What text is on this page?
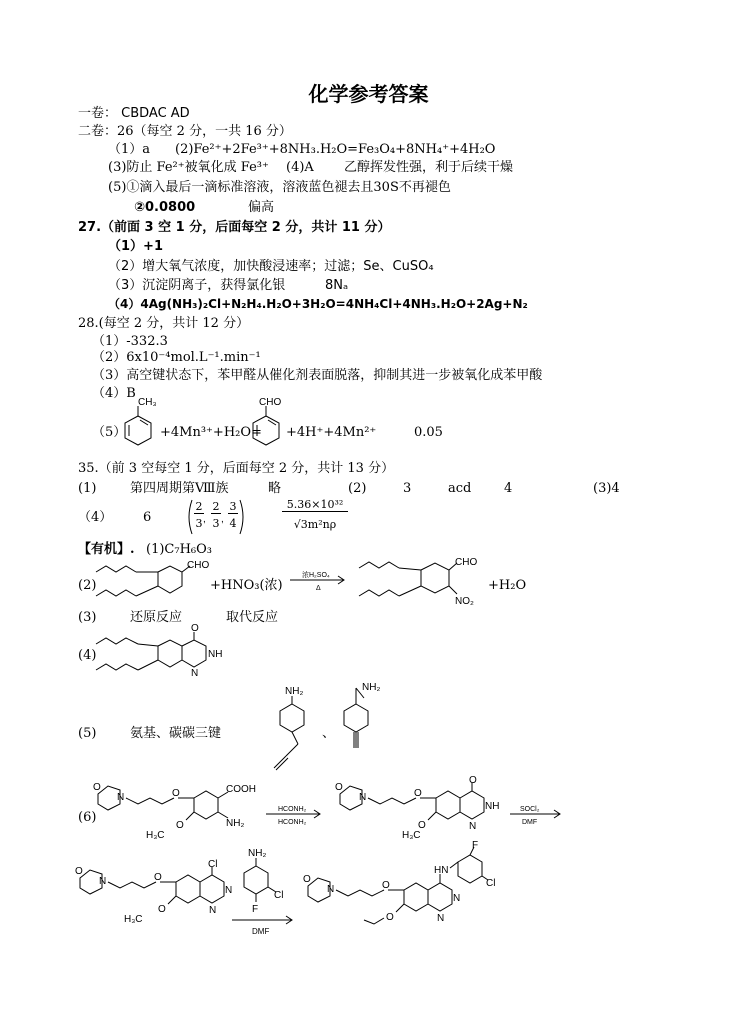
化学参考答案
一卷： CBDAC AD
二卷：26（每空 2 分，一共 16 分）
（1）a (2)Fe²⁺+2Fe³⁺+8NH₃.H₂O=Fe₃O₄+8NH₄⁺+4H₂O
(3)防止 Fe²⁺被氧化成 Fe³⁺ (4)A 乙醇挥发性强，利于后续干燥
(5)①滴入最后一滴标准溶液，溶液蓝色褪去且30S不再褪色
②0.0800	偏高
27.（前面 3 空 1 分，后面每空 2 分，共计 11 分）
（1）+1
（2）增大氧气浓度，加快酸浸速率；过滤；Se、CuSO₄
（3）沉淀阴离子，获得氯化银	8Nₐ
（4）4Ag(NH₃)₂Cl+N₂H₄.H₂O+3H₂O=4NH₄Cl+4NH₃.H₂O+2Ag+N₂
28.(每空 2 分，共计 12 分）
（1）-332.3
（2）6x10⁻⁴mol.L⁻¹.min⁻¹
（3）高空键状态下，苯甲醛从催化剂表面脱落，抑制其进一步被氧化成苯甲酸
（4）B
（5）
CH₃
+4Mn³⁺+H₂O=
CHO
+4H⁺+4Mn²⁺	0.05
35.（前 3 空每空 1 分，后面每空 2 分，共计 13 分）
(1)	第四周期第Ⅷ族	略	(2)	3	acd	4	(3)4
（4） 6	, ,
2
3
2
3
3
4
5.36×10³²
√3m²nρ
【有机】. (1)C₇H₆O₃
(2)
CHO
+HNO₃(浓)
浓H₂SO₄
Δ
CHO
NO₂
+H₂O
(3)	还原反应	取代反应
(4)
O
NH
N
(5)	氨基、碳碳三键
NH₂
、
NH₂
(6)
O
N	O	COOH
NH₂
O
H₃C
HCONH₂
HCONH₂
O
N	O
O
NH
N
O
H₃C
SOCl₂
DMF
O
N	O
Cl
N
N
O
H₃C
NH₂
Cl
F
DMF
O
N	O
HN
F
Cl
N
N
O
